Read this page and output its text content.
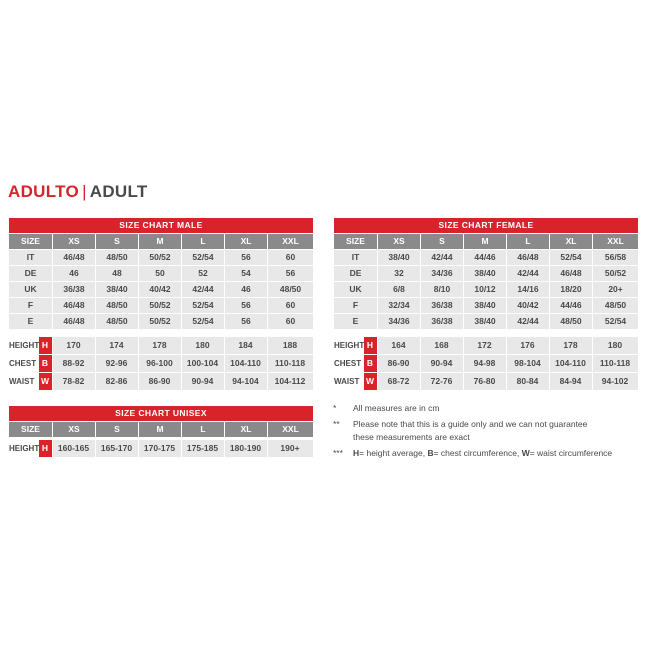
ADULTO | ADULT
SIZE CHART MALE						
SIZE	XS	S	M	L	XL	XXL
IT	46/48	48/50	50/52	52/54	56	60
DE	46	48	50	52	54	56
UK	36/38	38/40	40/42	42/44	46	48/50
F	46/48	48/50	50/52	52/54	56	60
E	46/48	48/50	50/52	52/54	56	60
HEIGHT	H	170	174	178	180	184	188
CHEST	B	88-92	92-96	96-100	100-104	104-110	110-118
WAIST	W	78-82	82-86	86-90	90-94	94-104	104-112
SIZE CHART FEMALE						
SIZE	XS	S	M	L	XL	XXL
IT	38/40	42/44	44/46	46/48	52/54	56/58
DE	32	34/36	38/40	42/44	46/48	50/52
UK	6/8	8/10	10/12	14/16	18/20	20+
F	32/34	36/38	38/40	40/42	44/46	48/50
E	34/36	36/38	38/40	42/44	48/50	52/54
HEIGHT	H	164	168	172	176	178	180
CHEST	B	86-90	90-94	94-98	98-104	104-110	110-118
WAIST	W	68-72	72-76	76-80	80-84	84-94	94-102
SIZE CHART UNISEX
SIZE	XS	S	M	L	XL	XXL
HEIGHT	H	160-165	165-170	170-175	175-185	180-190	190+
*	All measures are in cm
**	Please note that this is a guide only and we can not guarantee
these measurements are exact
***	H= height average, B= chest circumference, W= waist circumference
